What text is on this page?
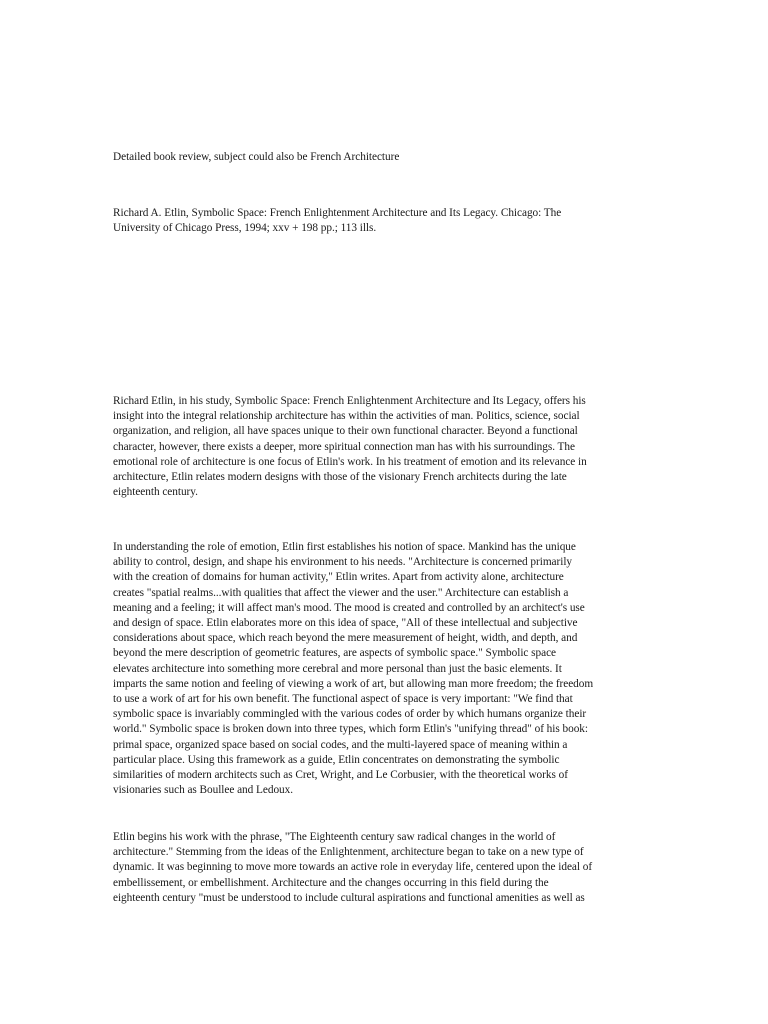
Detailed book review, subject could also be French Architecture

Richard A. Etlin, Symbolic Space: French Enlightenment Architecture and Its Legacy. Chicago: The
University of Chicago Press, 1994; xxv + 198 pp.; 113 ills.

Richard Etlin, in his study, Symbolic Space: French Enlightenment Architecture and Its Legacy, offers his
insight into the integral relationship architecture has within the activities of man. Politics, science, social
organization, and religion, all have spaces unique to their own functional character. Beyond a functional
character, however, there exists a deeper, more spiritual connection man has with his surroundings. The
emotional role of architecture is one focus of Etlin's work. In his treatment of emotion and its relevance in
architecture, Etlin relates modern designs with those of the visionary French architects during the late
eighteenth century.

In understanding the role of emotion, Etlin first establishes his notion of space. Mankind has the unique
ability to control, design, and shape his environment to his needs. "Architecture is concerned primarily
with the creation of domains for human activity," Etlin writes. Apart from activity alone, architecture
creates "spatial realms...with qualities that affect the viewer and the user." Architecture can establish a
meaning and a feeling; it will affect man's mood. The mood is created and controlled by an architect's use
and design of space. Etlin elaborates more on this idea of space, "All of these intellectual and subjective
considerations about space, which reach beyond the mere measurement of height, width, and depth, and
beyond the mere description of geometric features, are aspects of symbolic space." Symbolic space
elevates architecture into something more cerebral and more personal than just the basic elements. It
imparts the same notion and feeling of viewing a work of art, but allowing man more freedom; the freedom
to use a work of art for his own benefit. The functional aspect of space is very important: "We find that
symbolic space is invariably commingled with the various codes of order by which humans organize their
world." Symbolic space is broken down into three types, which form Etlin's "unifying thread" of his book:
primal space, organized space based on social codes, and the multi-layered space of meaning within a
particular place. Using this framework as a guide, Etlin concentrates on demonstrating the symbolic
similarities of modern architects such as Cret, Wright, and Le Corbusier, with the theoretical works of
visionaries such as Boullee and Ledoux.

Etlin begins his work with the phrase, "The Eighteenth century saw radical changes in the world of
architecture." Stemming from the ideas of the Enlightenment, architecture began to take on a new type of
dynamic. It was beginning to move more towards an active role in everyday life, centered upon the ideal of
embellissement, or embellishment. Architecture and the changes occurring in this field during the
eighteenth century "must be understood to include cultural aspirations and functional amenities as well as
